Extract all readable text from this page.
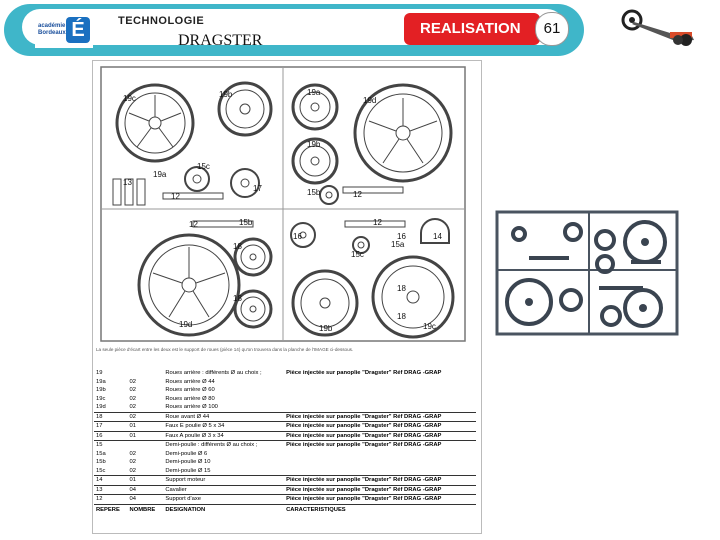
académie
Bordeaux É	TECHNOLOGIE
DRAGSTER
REALISATION	61
19c	19b	19a
19d
15c
19a
19b
13
17	15b
12
12
16
15b
15a
12
14
18
18
16
15c
18
18
19d	19b	19c
12
La seule pièce d'écart entre les deux est le support de roues (pièce 14) qu'on trouvera dans la planche de l'IMAGE ci-dessous.
19		Roues arrière : différents Ø au choix ;	Pièce injectée sur panoplie "Dragster" Réf DRAG -GRAP
19a	02	Roues arrière Ø 44	
19b	02	Roues arrière Ø 60	
19c	02	Roues arrière Ø 80	
19d	02	Roues arrière Ø 100	
18	02	Roue avant Ø 44	Pièce injectée sur panoplie "Dragster" Réf DRAG -GRAP
17	01	Faux E poulie Ø 5 x 34	Pièce injectée sur panoplie "Dragster" Réf DRAG -GRAP
16	01	Faux A poulie Ø 3 x 34	Pièce injectée sur panoplie "Dragster" Réf DRAG -GRAP
15		Demi-poulie : différents Ø au choix ;	Pièce injectée sur panoplie "Dragster" Réf DRAG -GRAP
15a	02	Demi-poulie Ø 6	
15b	02	Demi-poulie Ø 10	
15c	02	Demi-poulie Ø 15	
14	01	Support moteur	Pièce injectée sur panoplie "Dragster" Réf DRAG -GRAP
13	04	Cavalier	Pièce injectée sur panoplie "Dragster" Réf DRAG -GRAP
12	04	Support d'axe	Pièce injectée sur panoplie "Dragster" Réf DRAG -GRAP
REPERE	NOMBRE	DESIGNATION	CARACTERISTIQUES
